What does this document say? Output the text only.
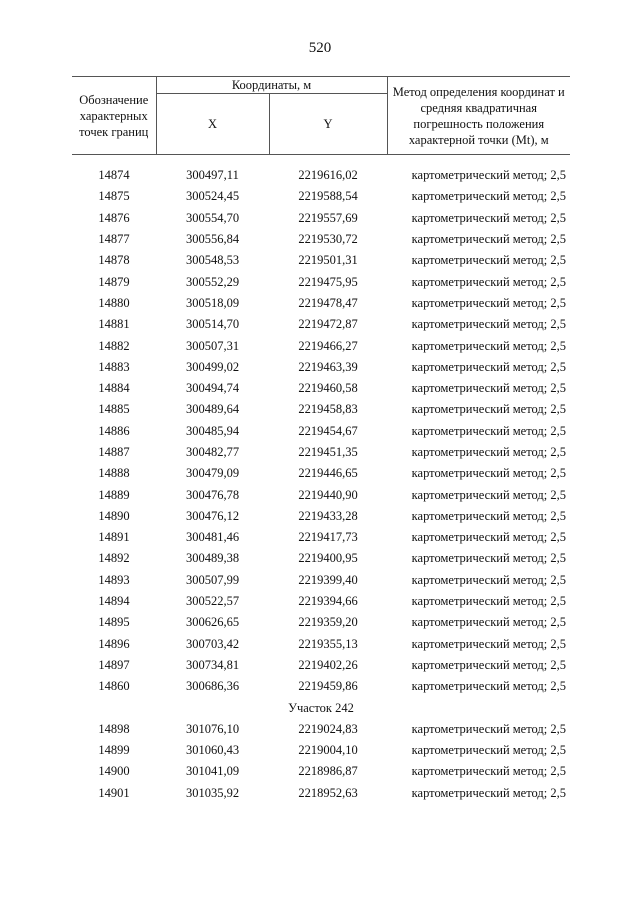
520
Обозначение характерных точек границ	Координаты, м		Метод определения координат и средняя квадратичная погрешность положения характерной точки (Mt), м
	X	Y	

14874	300497,11	2219616,02	картометрический метод; 2,5
14875	300524,45	2219588,54	картометрический метод; 2,5
14876	300554,70	2219557,69	картометрический метод; 2,5
14877	300556,84	2219530,72	картометрический метод; 2,5
14878	300548,53	2219501,31	картометрический метод; 2,5
14879	300552,29	2219475,95	картометрический метод; 2,5
14880	300518,09	2219478,47	картометрический метод; 2,5
14881	300514,70	2219472,87	картометрический метод; 2,5
14882	300507,31	2219466,27	картометрический метод; 2,5
14883	300499,02	2219463,39	картометрический метод; 2,5
14884	300494,74	2219460,58	картометрический метод; 2,5
14885	300489,64	2219458,83	картометрический метод; 2,5
14886	300485,94	2219454,67	картометрический метод; 2,5
14887	300482,77	2219451,35	картометрический метод; 2,5
14888	300479,09	2219446,65	картометрический метод; 2,5
14889	300476,78	2219440,90	картометрический метод; 2,5
14890	300476,12	2219433,28	картометрический метод; 2,5
14891	300481,46	2219417,73	картометрический метод; 2,5
14892	300489,38	2219400,95	картометрический метод; 2,5
14893	300507,99	2219399,40	картометрический метод; 2,5
14894	300522,57	2219394,66	картометрический метод; 2,5
14895	300626,65	2219359,20	картометрический метод; 2,5
14896	300703,42	2219355,13	картометрический метод; 2,5
14897	300734,81	2219402,26	картометрический метод; 2,5
14860	300686,36	2219459,86	картометрический метод; 2,5
Участок 242			
14898	301076,10	2219024,83	картометрический метод; 2,5
14899	301060,43	2219004,10	картометрический метод; 2,5
14900	301041,09	2218986,87	картометрический метод; 2,5
14901	301035,92	2218952,63	картометрический метод; 2,5
